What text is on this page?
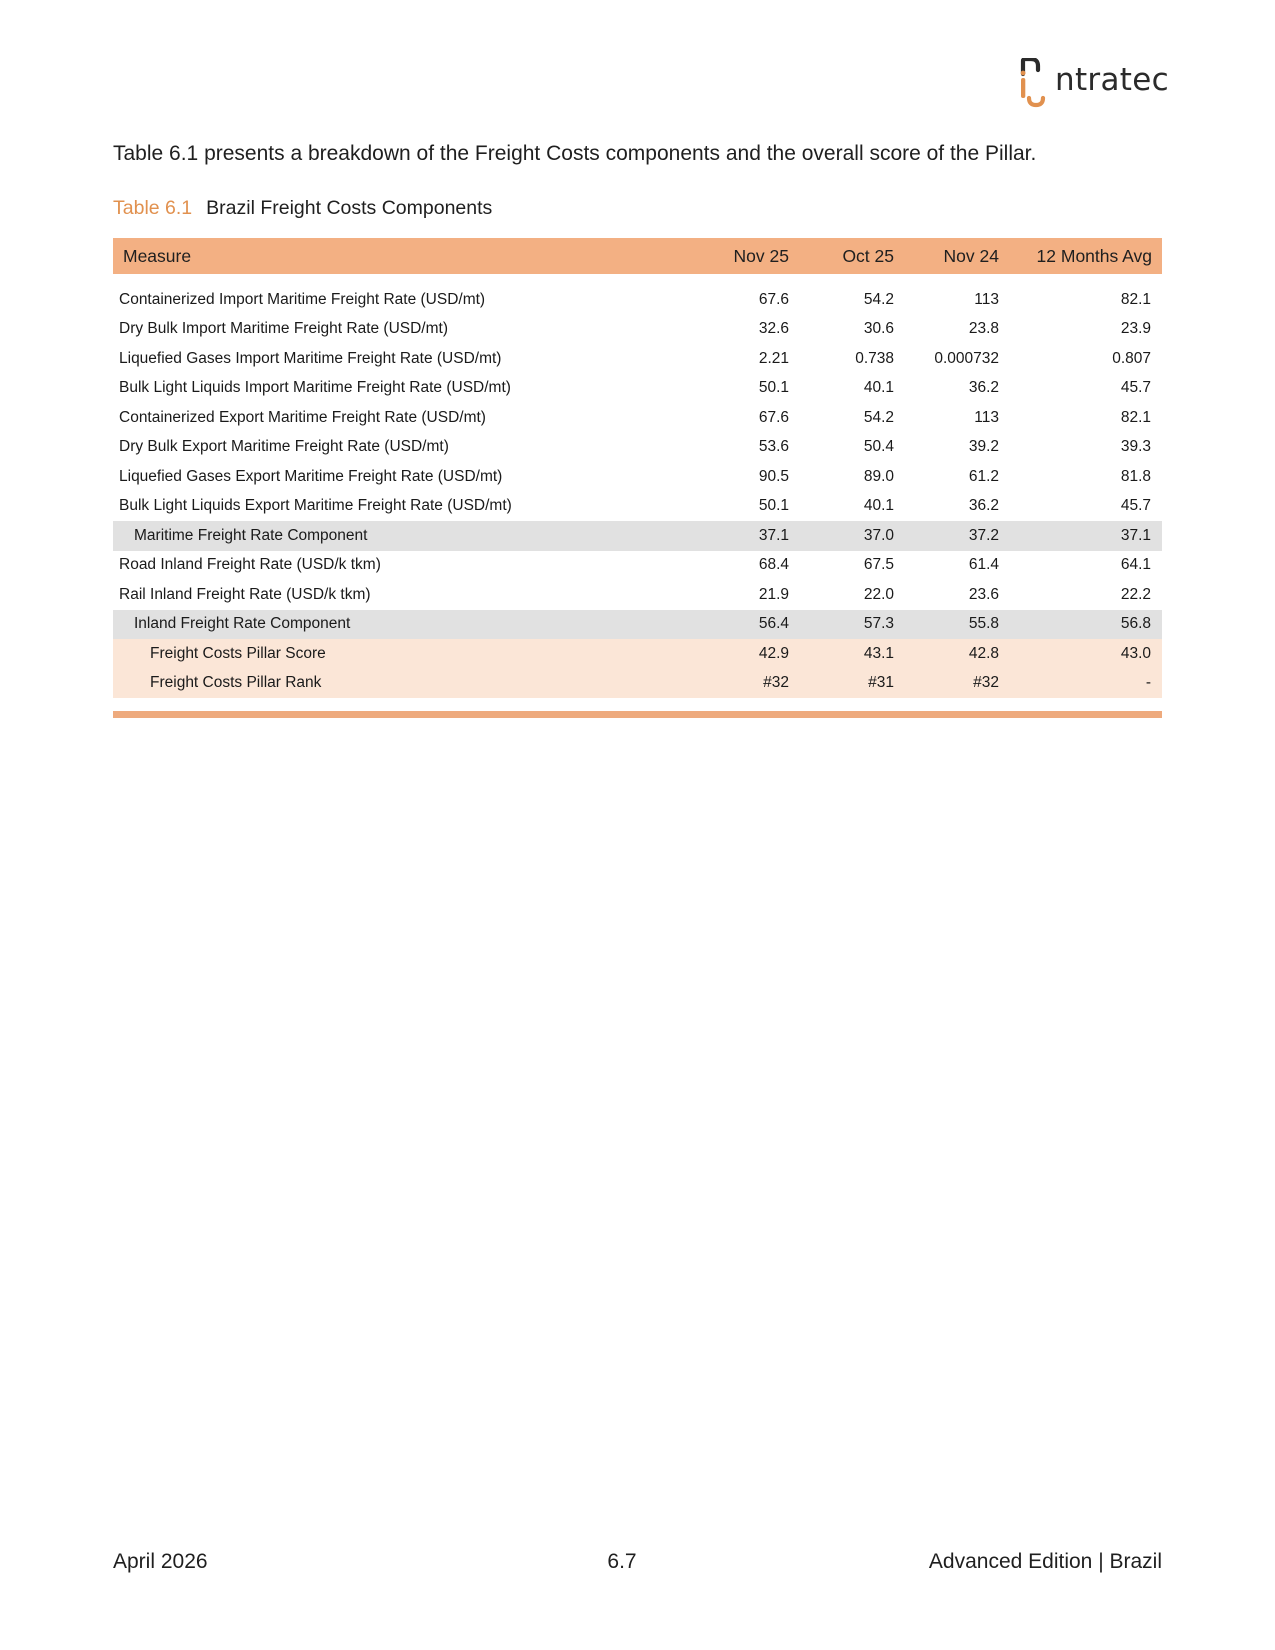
ntratec
Table 6.1 presents a breakdown of the Freight Costs components and the overall score of the Pillar.
Table 6.1 Brazil Freight Costs Components
Measure	Nov 25	Oct 25	Nov 24	12 Months Avg
Containerized Import Maritime Freight Rate (USD/mt)	67.6	54.2	113	82.1
Dry Bulk Import Maritime Freight Rate (USD/mt)	32.6	30.6	23.8	23.9
Liquefied Gases Import Maritime Freight Rate (USD/mt)	2.21	0.738	0.000732	0.807
Bulk Light Liquids Import Maritime Freight Rate (USD/mt)	50.1	40.1	36.2	45.7
Containerized Export Maritime Freight Rate (USD/mt)	67.6	54.2	113	82.1
Dry Bulk Export Maritime Freight Rate (USD/mt)	53.6	50.4	39.2	39.3
Liquefied Gases Export Maritime Freight Rate (USD/mt)	90.5	89.0	61.2	81.8
Bulk Light Liquids Export Maritime Freight Rate (USD/mt)	50.1	40.1	36.2	45.7
Maritime Freight Rate Component	37.1	37.0	37.2	37.1
Road Inland Freight Rate (USD/k tkm)	68.4	67.5	61.4	64.1
Rail Inland Freight Rate (USD/k tkm)	21.9	22.0	23.6	22.2
Inland Freight Rate Component	56.4	57.3	55.8	56.8
Freight Costs Pillar Score	42.9	43.1	42.8	43.0
Freight Costs Pillar Rank	#32	#31	#32	-
April 2026	6.7	Advanced Edition | Brazil
